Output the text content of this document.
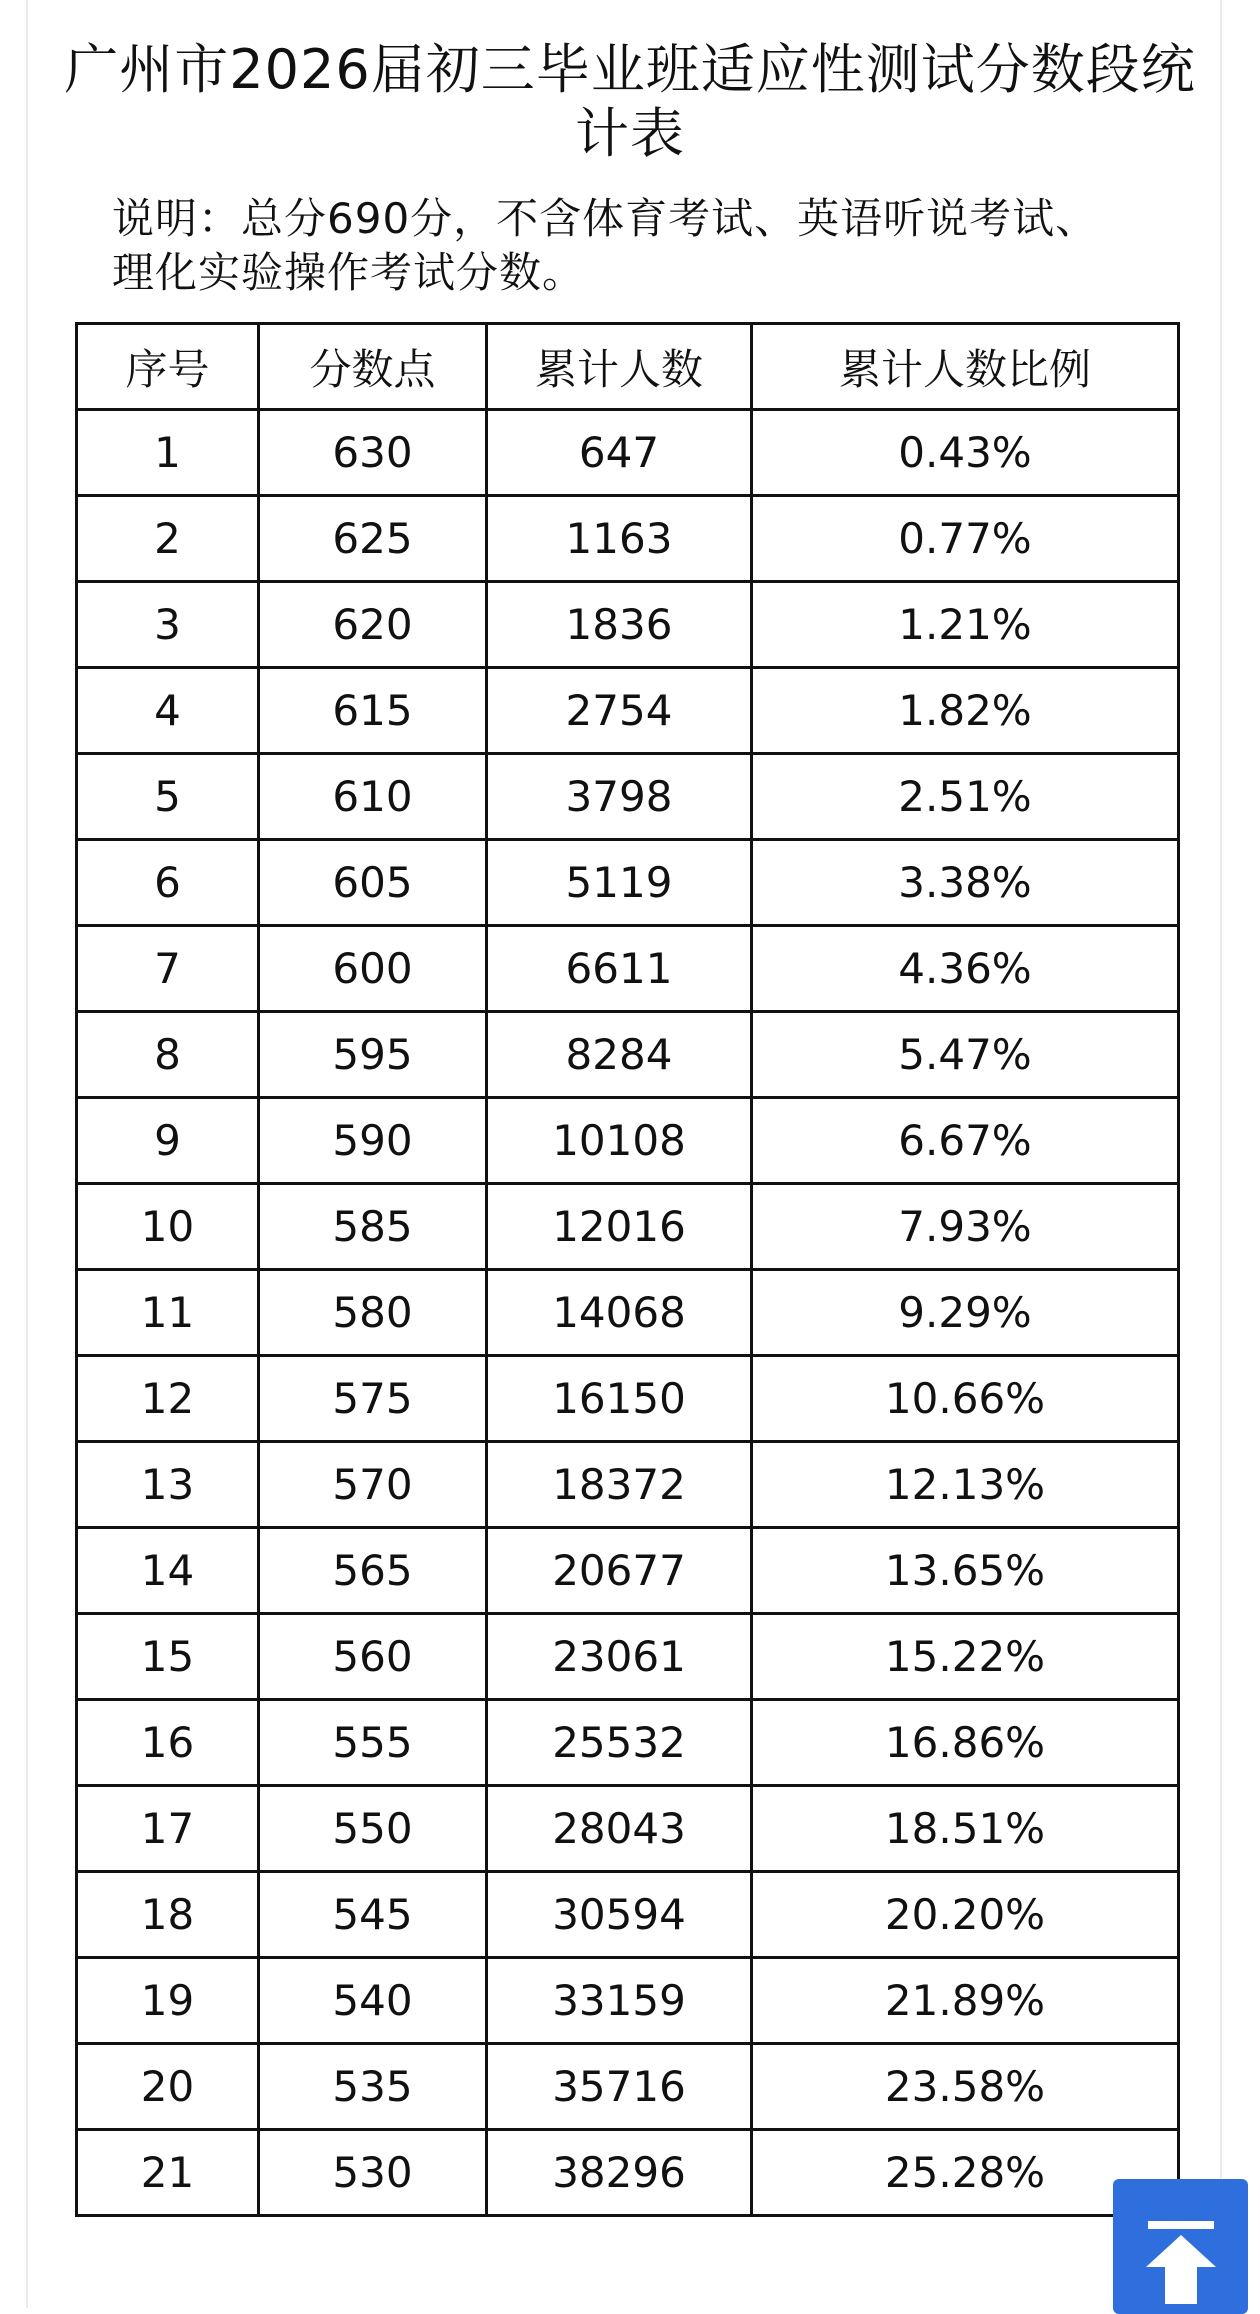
广州市2026届初三毕业班适应性测试分数段统计表

说明：总分690分，不含体育考试、英语听说考试、理化实验操作考试分数。

序号	分数点	累计人数	累计人数比例
1	630	647	0.43%
2	625	1163	0.77%
3	620	1836	1.21%
4	615	2754	1.82%
5	610	3798	2.51%
6	605	5119	3.38%
7	600	6611	4.36%
8	595	8284	5.47%
9	590	10108	6.67%
10	585	12016	7.93%
11	580	14068	9.29%
12	575	16150	10.66%
13	570	18372	12.13%
14	565	20677	13.65%
15	560	23061	15.22%
16	555	25532	16.86%
17	550	28043	18.51%
18	545	30594	20.20%
19	540	33159	21.89%
20	535	35716	23.58%
21	530	38296	25.28%
